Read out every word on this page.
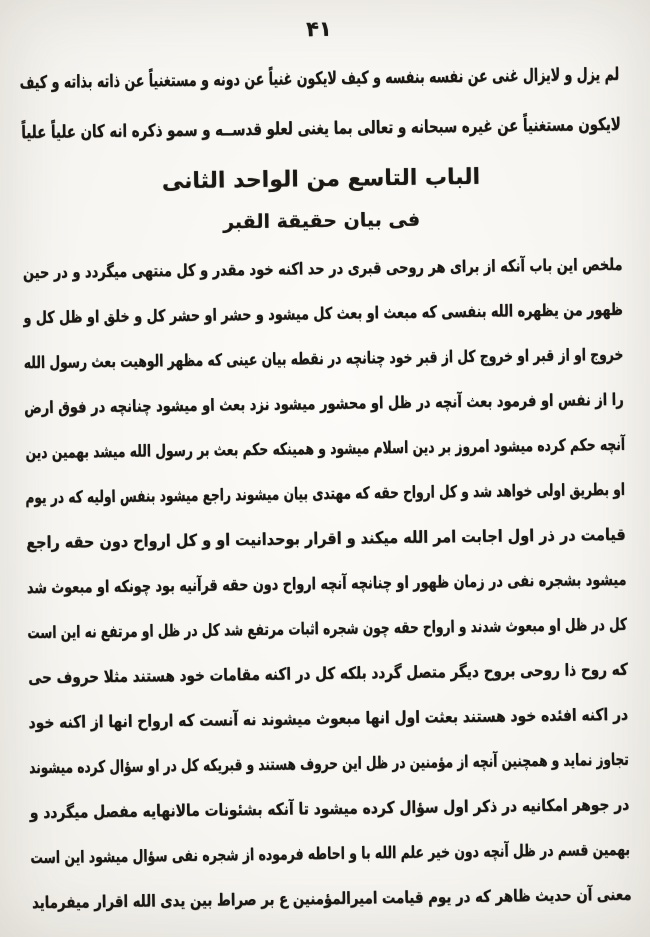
۴۱
لم یزل و لایزال غنی عن نفسه بنفسه و کیف لایکون غنیاً عن دونه و مستغنیاً عن ذاته بذاته و کیف
لایکون مستغنیاً عن غیره سبحانه و تعالی بما یغنی لعلو قدســه و سمو ذکره انه کان علیاً علیاً
الباب التاسع من الواحد الثانی
فی بیان حقیقة القبر
ملخص این باب آنکه از برای هر روحی قبری در حد اکنه خود مقدر و کل منتهی میگردد و در حین
ظهور من یظهره الله بنفسی که مبعث او بعث کل میشود و حشر او حشر کل و خلق او ظل کل و
خروج او از قبر او خروج کل از قبر خود چنانچه در نقطه بیان عینی که مظهر الوهیت بعث رسول الله
را از نفس او فرمود بعث آنچه در ظل او محشور میشود نزد بعث او میشود چنانچه در فوق ارض
آنچه حکم کرده میشود امروز بر دین اسلام میشود و همینکه حکم بعث بر رسول الله میشد بهمین دین
او بطریق اولی خواهد شد و کل ارواح حقه که مهتدی بیان میشوند راجع میشود بنفس اولیه که در یوم
قیامت در ذر اول اجابت امر الله میکند و اقرار بوحدانیت او و کل ارواح دون حقه راجع
میشود بشجره نفی در زمان ظهور او چنانچه آنچه ارواح دون حقه قرآنیه بود چونکه او مبعوث شد
کل در ظل او مبعوث شدند و ارواح حقه چون شجره اثبات مرتفع شد کل در ظل او مرتفع نه این است
که روح ذا روحی بروح دیگر متصل گردد بلکه کل در اکنه مقامات خود هستند مثلا حروف حی
در اکنه افئده خود هستند بعثت اول انها مبعوث میشوند نه آنست که ارواح انها از اکنه خود
تجاوز نماید و همچنین آنچه از مؤمنین در ظل این حروف هستند و قبریکه کل در او سؤال کرده میشوند
در جوهر امکانیه در ذکر اول سؤال کرده میشود تا آنکه بشئونات مالانهایه مفصل میگردد و
بهمین قسم در ظل آنچه دون خیر علم الله با و احاطه فرموده از شجره نفی سؤال میشود این است
معنی آن حدیث ظاهر که در یوم قیامت امیرالمؤمنین ع بر صراط بین یدی الله اقرار میفرماید
